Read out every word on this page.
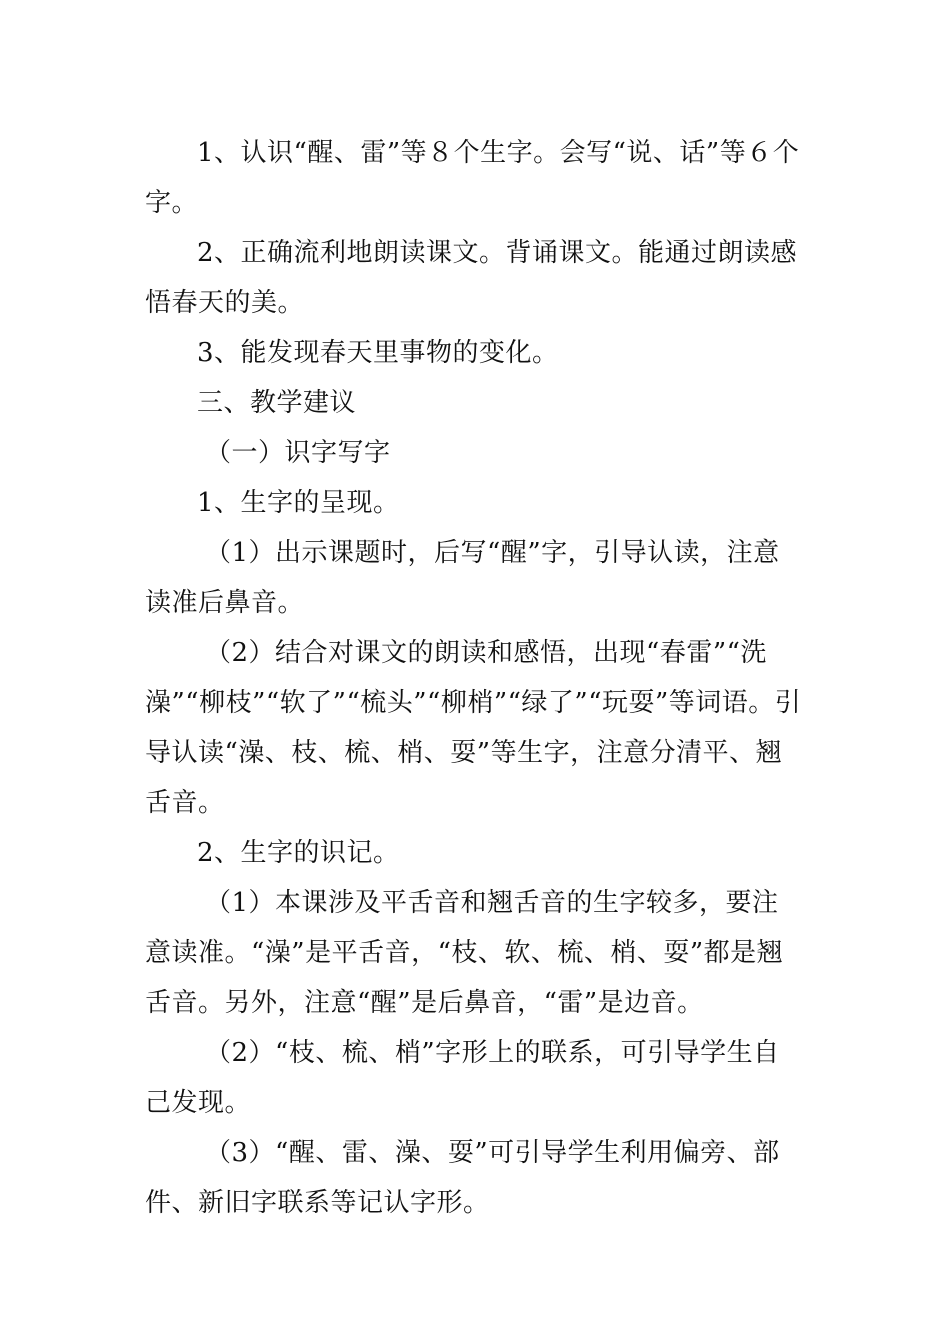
1、认识“醒、雷”等８个生字。会写“说、话”等６个字。

2、正确流利地朗读课文。背诵课文。能通过朗读感悟春天的美。

3、能发现春天里事物的变化。

三、教学建议

（一）识字写字

1、生字的呈现。

（1）出示课题时，后写“醒”字，引导认读，注意读准后鼻音。

（2）结合对课文的朗读和感悟，出现“春雷”“洗澡”“柳枝”“软了”“梳头”“柳梢”“绿了”“玩耍”等词语。引导认读“澡、枝、梳、梢、耍”等生字，注意分清平、翘舌音。

2、生字的识记。

（1）本课涉及平舌音和翘舌音的生字较多，要注意读准。“澡”是平舌音，“枝、软、梳、梢、耍”都是翘舌音。另外，注意“醒”是后鼻音，“雷”是边音。

（2）“枝、梳、梢”字形上的联系，可引导学生自己发现。

（3）“醒、雷、澡、耍”可引导学生利用偏旁、部件、新旧字联系等记认字形。
